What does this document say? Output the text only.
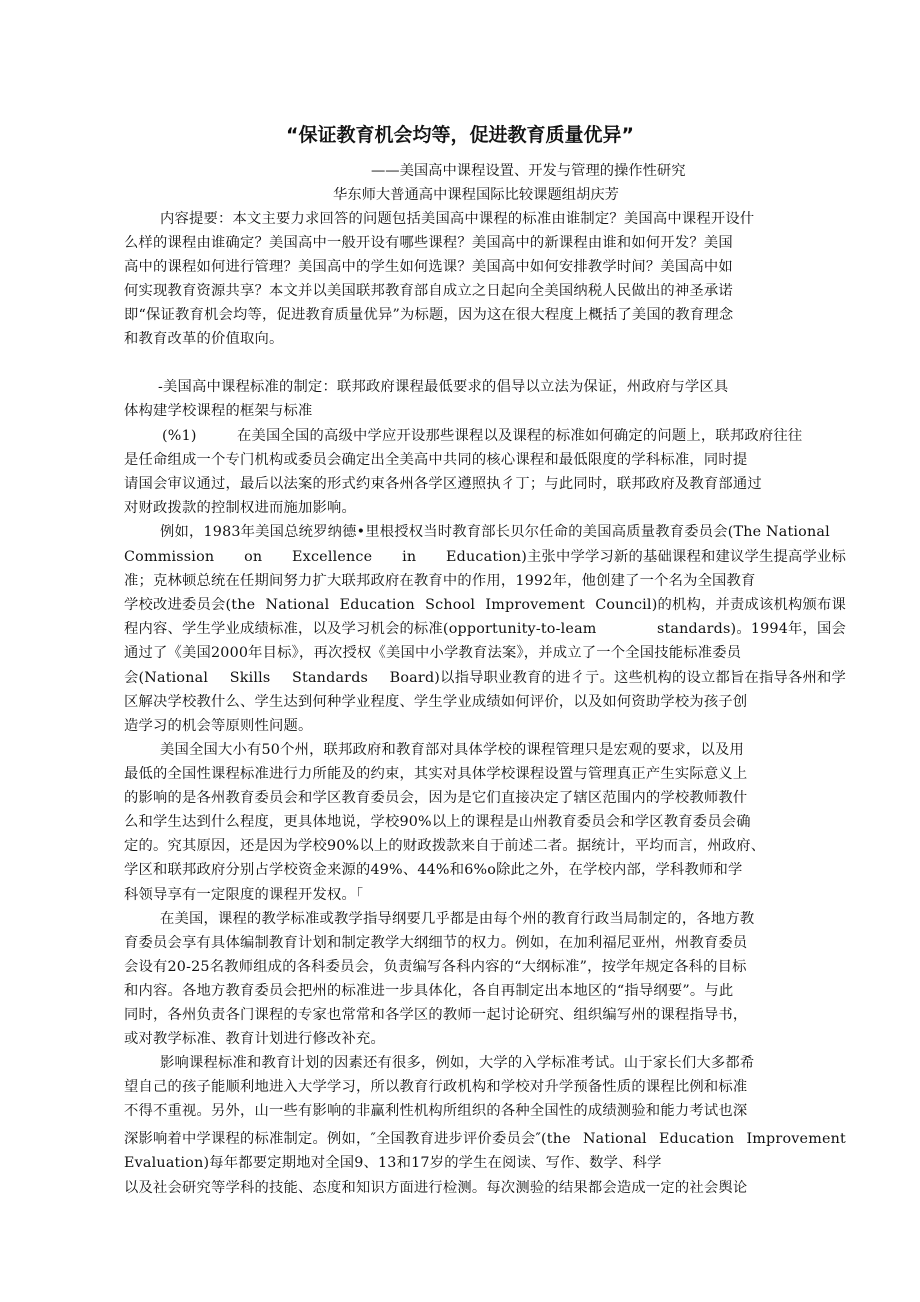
“保证教育机会均等，促进教育质量优异”
——美国高中课程设置、开发与管理的操作性研究
华东师大普通高中课程国际比较课题组胡庆芳
内容提要：本文主要力求回答的问题包括美国高中课程的标准由谁制定？美国高中课程开设什
么样的课程由谁确定？美国高中一般开设有哪些课程？美国高中的新课程由谁和如何开发？美国
高中的课程如何进行管理？美国高中的学生如何选课？美国高中如何安排教学时间？美国高中如
何实现教育资源共享？本文并以美国联邦教育部自成立之日起向全美国纳税人民做出的神圣承诺
即“保证教育机会均等，促进教育质量优异”为标题，因为这在很大程度上概括了美国的教育理念
和教育改革的价值取向。
-美国高中课程标准的制定：联邦政府课程最低要求的倡导以立法为保证，州政府与学区具
体构建学校课程的框架与标准
(%1)	在美国全国的高级中学应开设那些课程以及课程的标准如何确定的问题上，联邦政府往往
是任命组成一个专门机构或委员会确定出全美高中共同的核心课程和最低限度的学科标准，同时提
请国会审议通过，最后以法案的形式约束各州各学区遵照执彳丁；与此同时，联邦政府及教育部通过
对财政拨款的控制权进而施加影响。
例如，1983年美国总统罗纳德•里根授权当时教育部长贝尔任命的美国高质量教育委员会(The National
Commission on Excellence in Education)主张中学学习新的基础课程和建议学生提高学业标
准；克林顿总统在任期间努力扩大联邦政府在教育中的作用，1992年，他创建了一个名为全国教育
学校改进委员会(the National Education School Improvement Council)的机构，并责成该机构颁布课
程内容、学生学业成绩标准，以及学习机会的标准(opportunity-to-leam	standards)。1994年，国会
通过了《美国2000年目标》，再次授权《美国中小学教育法案》，并成立了一个全国技能标准委员
会(National Skills Standards Board)以指导职业教育的进彳亍。这些机构的设立都旨在指导各州和学
区解决学校教什么、学生达到何种学业程度、学生学业成绩如何评价，以及如何资助学校为孩子创
造学习的机会等原则性问题。
美国全国大小有50个州，联邦政府和教育部对具体学校的课程管理只是宏观的要求，以及用
最低的全国性课程标准进行力所能及的约束，其实对具体学校课程设置与管理真正产生实际意义上
的影响的是各州教育委员会和学区教育委员会，因为是它们直接决定了辖区范围内的学校教师教什
么和学生达到什么程度，更具体地说，学校90%以上的课程是山州教育委员会和学区教育委员会确
定的。究其原因，还是因为学校90%以上的财政拨款来自于前述二者。据统计，平均而言，州政府、
学区和联邦政府分别占学校资金来源的49%、44%和6%o除此之外，在学校内部，学科教师和学
科领导享有一定限度的课程开发权。「
在美国，课程的教学标准或教学指导纲要几乎都是由每个州的教育行政当局制定的，各地方教
育委员会享有具体编制教育计划和制定教学大纲细节的权力。例如，在加利福尼亚州，州教育委员
会设有20-25名教师组成的各科委员会，负责编写各科内容的“大纲标准”，按学年规定各科的目标
和内容。各地方教育委员会把州的标准进一步具体化，各自再制定出本地区的“指导纲要”。与此
同时，各州负责各门课程的专家也常常和各学区的教师一起讨论研究、组织编写州的课程指导书，
或对教学标准、教育计划进行修改补充。
影响课程标准和教育计划的因素还有很多，例如，大学的入学标准考试。山于家长们大多都希
望自己的孩子能顺利地进入大学学习，所以教育行政机构和学校对升学预备性质的课程比例和标准
不得不重视。另外，山一些有影响的非赢利性机构所组织的各种全国性的成绩测验和能力考试也深
深影响着中学课程的标准制定。例如，″全国教育进步评价委员会″(the National Education Improvement
Evaluation)每年都要定期地对全国9、13和17岁的学生在阅读、写作、数学、科学
以及社会研究等学科的技能、态度和知识方面进行检测。每次测验的结果都会造成一定的社会舆论
